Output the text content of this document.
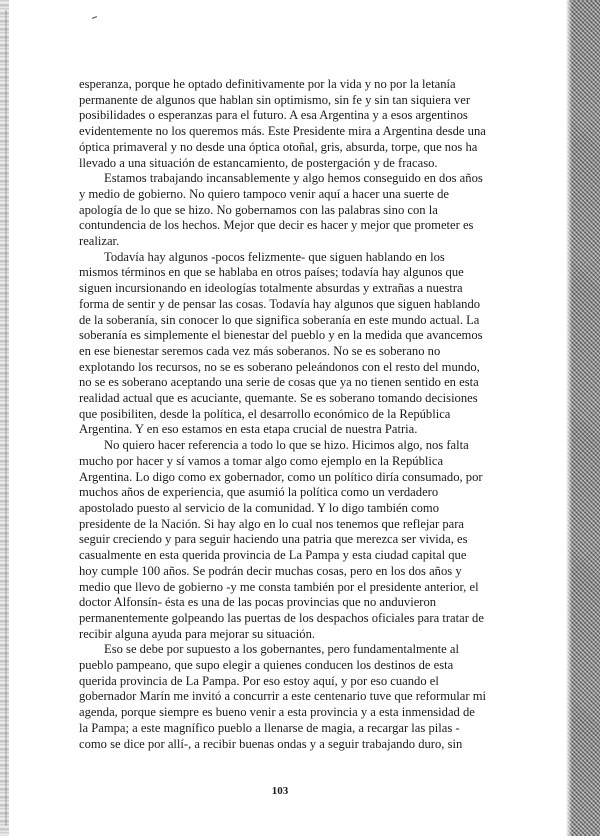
esperanza, porque he optado definitivamente por la vida y no por la letanía permanente de algunos que hablan sin optimismo, sin fe y sin tan siquiera ver posibilidades o esperanzas para el futuro. A esa Argentina y a esos argentinos evidentemente no los queremos más. Este Presidente mira a Argentina desde una óptica primaveral y no desde una óptica otoñal, gris, absurda, torpe, que nos ha llevado a una situación de estancamiento, de postergación y de fracaso.

Estamos trabajando incansablemente y algo hemos conseguido en dos años y medio de gobierno. No quiero tampoco venir aquí a hacer una suerte de apología de lo que se hizo. No gobernamos con las palabras sino con la contundencia de los hechos. Mejor que decir es hacer y mejor que prometer es realizar.

Todavía hay algunos -pocos felizmente- que siguen hablando en los mismos términos en que se hablaba en otros países; todavía hay algunos que siguen incursionando en ideologías totalmente absurdas y extrañas a nuestra forma de sentir y de pensar las cosas. Todavía hay algunos que siguen hablando de la soberanía, sin conocer lo que significa soberanía en este mundo actual. La soberanía es simplemente el bienestar del pueblo y en la medida que avancemos en ese bienestar seremos cada vez más soberanos. No se es soberano no explotando los recursos, no se es soberano peleándonos con el resto del mundo, no se es soberano aceptando una serie de cosas que ya no tienen sentido en esta realidad actual que es acuciante, quemante. Se es soberano tomando decisiones que posibiliten, desde la política, el desarrollo económico de la República Argentina. Y en eso estamos en esta etapa crucial de nuestra Patria.

No quiero hacer referencia a todo lo que se hizo. Hicimos algo, nos falta mucho por hacer y sí vamos a tomar algo como ejemplo en la República Argentina. Lo digo como ex gobernador, como un político diría consumado, por muchos años de experiencia, que asumió la política como un verdadero apostolado puesto al servicio de la comunidad. Y lo digo también como presidente de la Nación. Si hay algo en lo cual nos tenemos que reflejar para seguir creciendo y para seguir haciendo una patria que merezca ser vivida, es casualmente en esta querida provincia de La Pampa y esta ciudad capital que hoy cumple 100 años. Se podrán decir muchas cosas, pero en los dos años y medio que llevo de gobierno -y me consta también por el presidente anterior, el doctor Alfonsín- ésta es una de las pocas provincias que no anduvieron permanentemente golpeando las puertas de los despachos oficiales para tratar de recibir alguna ayuda para mejorar su situación.

Eso se debe por supuesto a los gobernantes, pero fundamentalmente al pueblo pampeano, que supo elegir a quienes conducen los destinos de esta querida provincia de La Pampa. Por eso estoy aquí, y por eso cuando el gobernador Marín me invitó a concurrir a este centenario tuve que reformular mi agenda, porque siempre es bueno venir a esta provincia y a esta inmensidad de la Pampa; a este magnífico pueblo a llenarse de magia, a recargar las pilas - como se dice por allí-, a recibir buenas ondas y a seguir trabajando duro, sin

103
